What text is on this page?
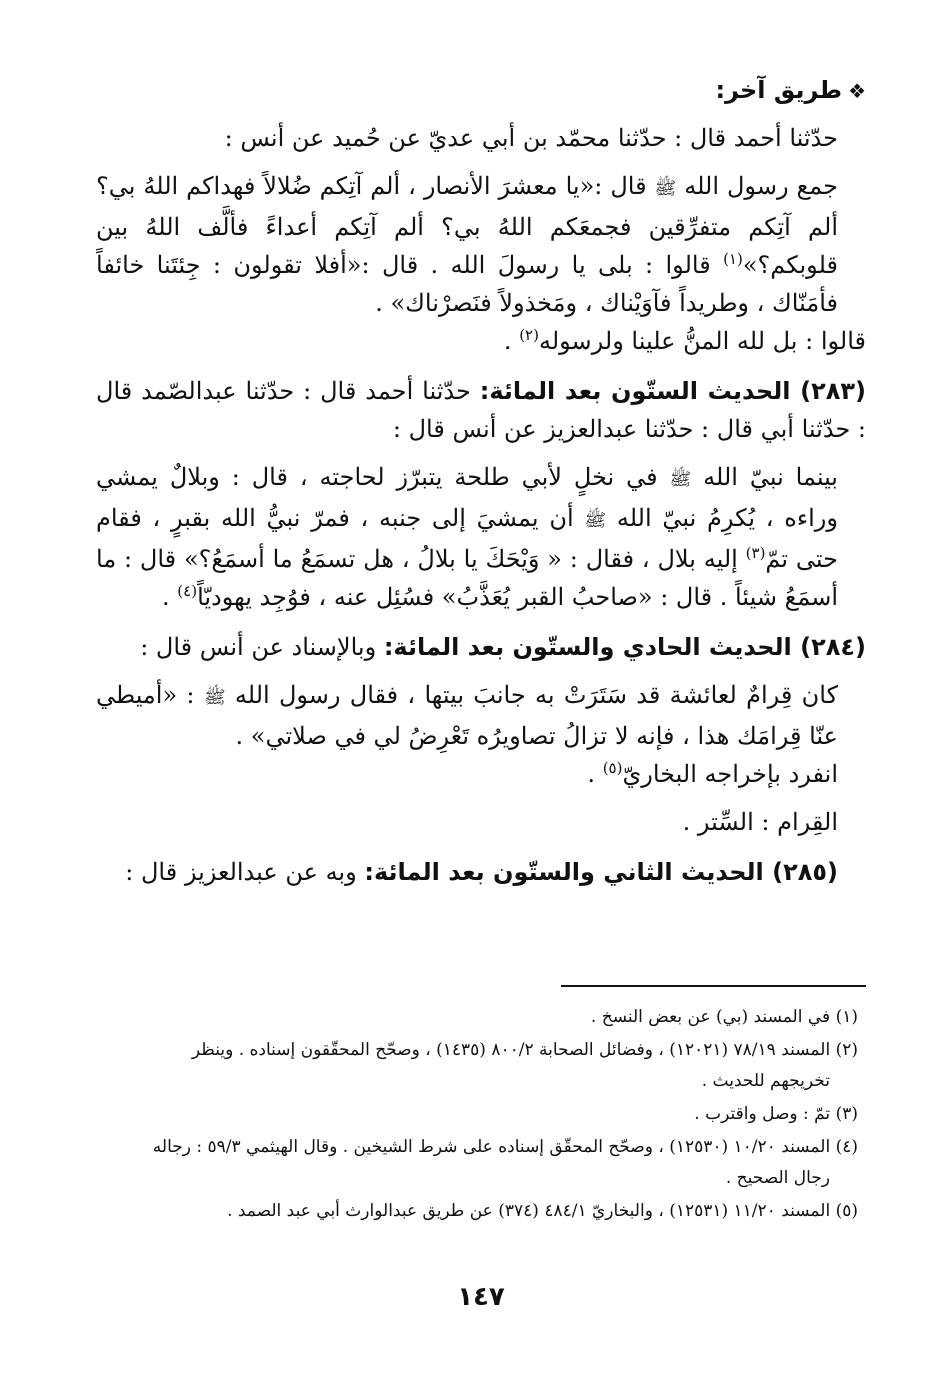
❖طريق آخر:

حدّثنا أحمد قال : حدّثنا محمّد بن أبي عديّ عن حُميد عن أنس :

جمع رسول الله ﷺ قال :«يا معشرَ الأنصار ، ألم آتِكم ضُلالاً فهداكم اللهُ بي؟ ألم آتِكم متفرِّقين فجمعَكم اللهُ بي؟ ألم آتِكم أعداءً فألَّف اللهُ بين قلوبكم؟»$^{(١)}$ قالوا : بلى يا رسولَ الله . قال :«أفلا تقولون : جِئتَنا خائفاً فأمَنّاك ، وطريداً فآوَيْناك ، ومَخذولاً فنَصرْناك» .

قالوا : بل لله المنُّ علينا ولرسوله$^{(٢)}$ .

(٢٨٣) الحديث الستّون بعد المائة: حدّثنا أحمد قال : حدّثنا عبدالصّمد قال : حدّثنا أبي قال : حدّثنا عبدالعزيز عن أنس قال :

بينما نبيّ الله ﷺ في نخلٍ لأبي طلحة يتبرّز لحاجته ، قال : وبلالٌ يمشي وراءه ، يُكرِمُ نبيّ الله ﷺ أن يمشيَ إلى جنبه ، فمرّ نبيُّ الله بقبرٍ ، فقام حتى تمّ$^{(٣)}$ إليه بلال ، فقال : « وَيْحَكَ يا بلالُ ، هل تسمَعُ ما أسمَعُ؟» قال : ما أسمَعُ شيئاً . قال : «صاحبُ القبر يُعَذَّبُ» فسُئِل عنه ، فوُجِد يهوديّاً$^{(٤)}$ .

(٢٨٤) الحديث الحادي والستّون بعد المائة: وبالإسناد عن أنس قال :

كان قِرامٌ لعائشة قد سَتَرَتْ به جانبَ بيتها ، فقال رسول الله ﷺ : «أميطي عنّا قِرامَك هذا ، فإنه لا تزالُ تصاويرُه تَعْرِضُ لي في صلاتي» .

انفرد بإخراجه البخاريّ$^{(٥)}$ .

القِرام : السِّتر .

(٢٨٥) الحديث الثاني والستّون بعد المائة: وبه عن عبدالعزيز قال :

(١) في المسند (بي) عن بعض النسخ .
(٢) المسند ٧٨/١٩ (١٢٠٢١) ، وفضائل الصحابة ٨٠٠/٢ (١٤٣٥) ، وصحّح المحقّقون إسناده . وينظر
تخريجهم للحديث .
(٣) تمّ : وصل واقترب .
(٤) المسند ١٠/٢٠ (١٢٥٣٠) ، وصحّح المحقّق إسناده على شرط الشيخين . وقال الهيثمي ٥٩/٣ : رجاله
رجال الصحيح .
(٥) المسند ١١/٢٠ (١٢٥٣١) ، والبخاريّ ٤٨٤/١ (٣٧٤) عن طريق عبدالوارث أبي عبد الصمد .
١٤٧
